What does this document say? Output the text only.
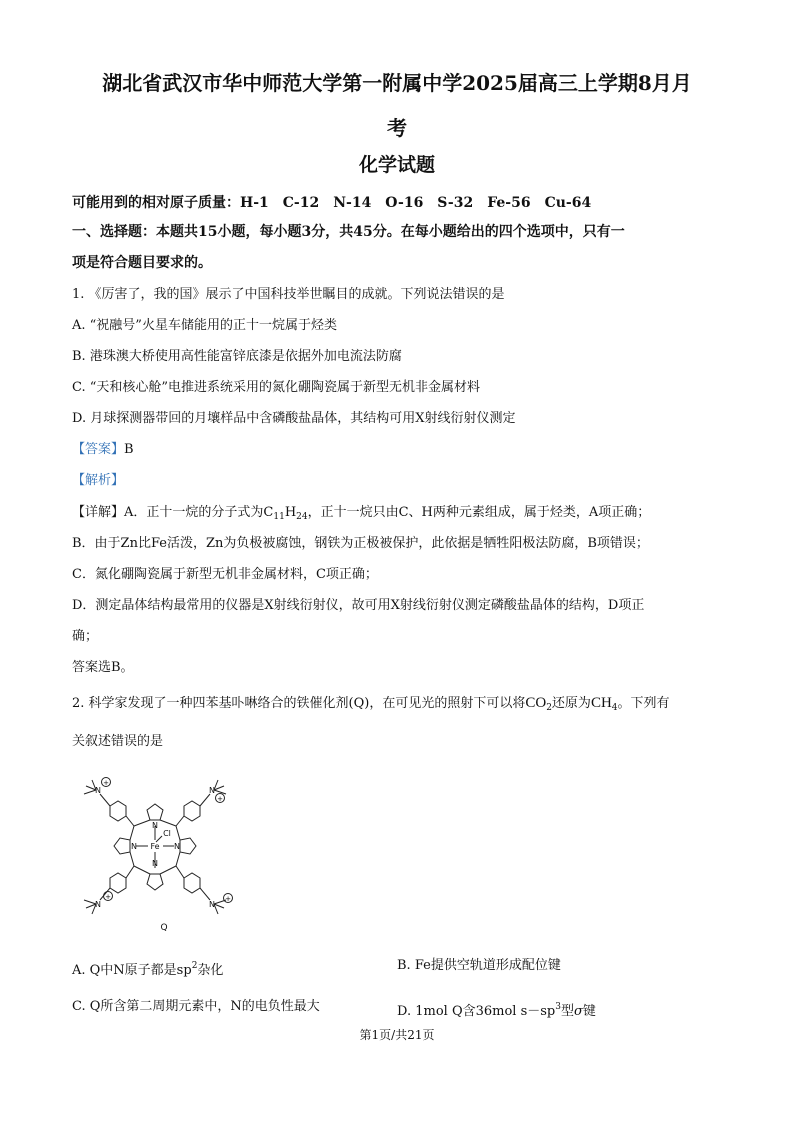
湖北省武汉市华中师范大学第一附属中学2025届高三上学期8月月
考
化学试题
可能用到的相对原子质量：H-1　C-12　N-14　O-16　S-32　Fe-56　Cu-64
一、选择题：本题共15小题，每小题3分，共45分。在每小题给出的四个选项中，只有一
项是符合题目要求的。
1. 《厉害了，我的国》展示了中国科技举世瞩目的成就。下列说法错误的是
A. “祝融号”火星车储能用的正十一烷属于烃类
B. 港珠澳大桥使用高性能富锌底漆是依据外加电流法防腐
C. “天和核心舱”电推进系统采用的氮化硼陶瓷属于新型无机非金属材料
D. 月球探测器带回的月壤样品中含磷酸盐晶体，其结构可用X射线衍射仪测定
【答案】B
【解析】
【详解】A．正十一烷的分子式为$C_{11}H_{24}$，正十一烷只由C、H两种元素组成，属于烃类，A项正确；
B．由于Zn比Fe活泼，Zn为负极被腐蚀，钢铁为正极被保护，此依据是牺牲阳极法防腐，B项错误；
C．氮化硼陶瓷属于新型无机非金属材料，C项正确；
D．测定晶体结构最常用的仪器是X射线衍射仪，故可用X射线衍射仪测定磷酸盐晶体的结构，D项正
确；
答案选B。
2. 科学家发现了一种四苯基卟啉络合的铁催化剂(Q)，在可见光的照射下可以将$CO_2$还原为$CH_4$。下列有
关叙述错误的是
N
N
N	N
Fe
Cl
N	N
N	N
+
+
+	+
Q
A. Q中N原子都是$sp^2$杂化	B. Fe提供空轨道形成配位键
C. Q所含第二周期元素中，N的电负性最大	D. 1mol Q含36mol $s-sp^3$型σ键
第1页/共21页
